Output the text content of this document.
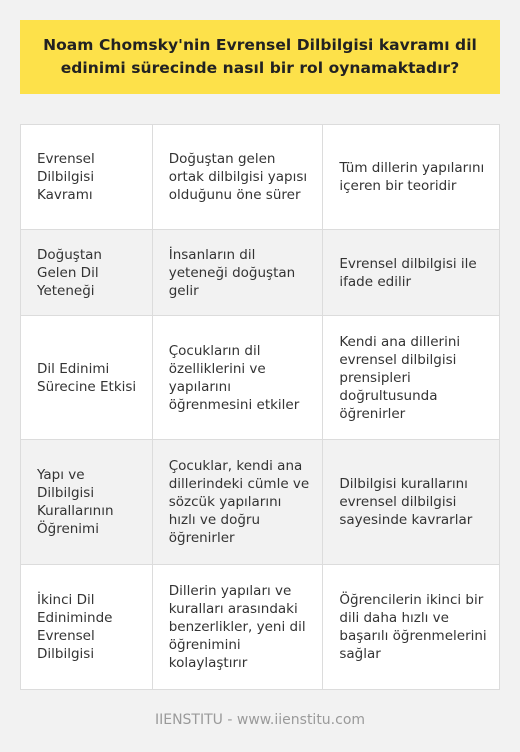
Noam Chomsky'nin Evrensel Dilbilgisi kavramı dil edinimi sürecinde nasıl bir rol oynamaktadır?
Evrensel Dilbilgisi Kavramı
Doğuştan gelen ortak dilbilgisi yapısı olduğunu öne sürer
Tüm dillerin yapılarını içeren bir teoridir
Doğuştan Gelen Dil Yeteneği
İnsanların dil yeteneği doğuştan gelir
Evrensel dilbilgisi ile ifade edilir
Dil Edinimi Sürecine Etkisi
Çocukların dil özelliklerini ve yapılarını öğrenmesini etkiler
Kendi ana dillerini evrensel dilbilgisi prensipleri doğrultusunda öğrenirler
Yapı ve Dilbilgisi Kurallarının Öğrenimi
Çocuklar, kendi ana dillerindeki cümle ve sözcük yapılarını hızlı ve doğru öğrenirler
Dilbilgisi kurallarını evrensel dilbilgisi sayesinde kavrarlar
İkinci Dil Ediniminde Evrensel Dilbilgisi
Dillerin yapıları ve kuralları arasındaki benzerlikler, yeni dil öğrenimini kolaylaştırır
Öğrencilerin ikinci bir dili daha hızlı ve başarılı öğrenmelerini sağlar
IIENSTITU - www.iienstitu.com
